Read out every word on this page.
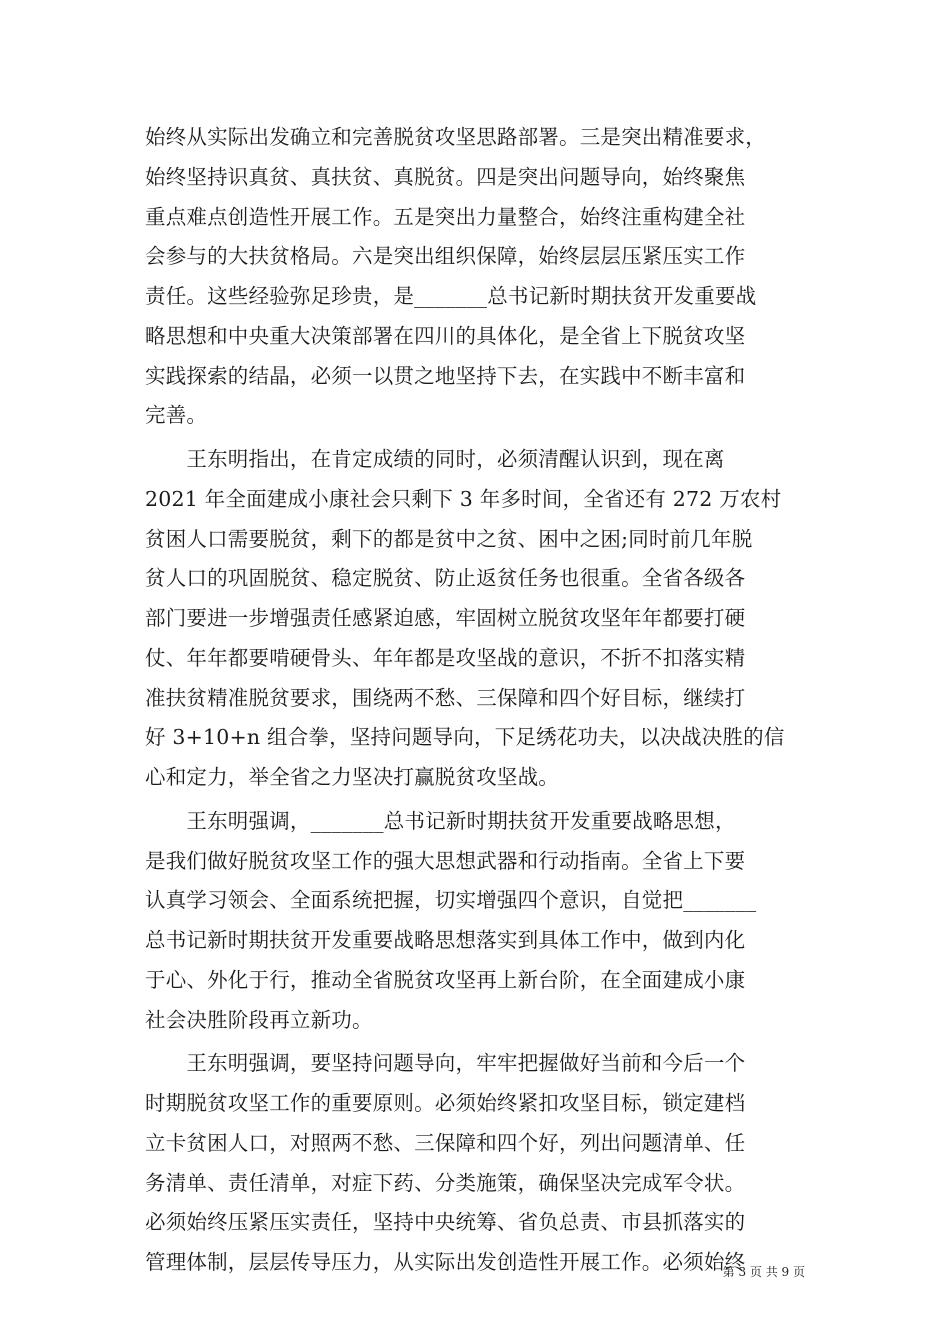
始终从实际出发确立和完善脱贫攻坚思路部署。三是突出精准要求，
始终坚持识真贫、真扶贫、真脱贫。四是突出问题导向，始终聚焦
重点难点创造性开展工作。五是突出力量整合，始终注重构建全社
会参与的大扶贫格局。六是突出组织保障，始终层层压紧压实工作
责任。这些经验弥足珍贵，是_______总书记新时期扶贫开发重要战
略思想和中央重大决策部署在四川的具体化，是全省上下脱贫攻坚
实践探索的结晶，必须一以贯之地坚持下去，在实践中不断丰富和
完善。
　　王东明指出，在肯定成绩的同时，必须清醒认识到，现在离
2021 年全面建成小康社会只剩下 3 年多时间，全省还有 272 万农村
贫困人口需要脱贫，剩下的都是贫中之贫、困中之困;同时前几年脱
贫人口的巩固脱贫、稳定脱贫、防止返贫任务也很重。全省各级各
部门要进一步增强责任感紧迫感，牢固树立脱贫攻坚年年都要打硬
仗、年年都要啃硬骨头、年年都是攻坚战的意识，不折不扣落实精
准扶贫精准脱贫要求，围绕两不愁、三保障和四个好目标，继续打
好 3+10+n 组合拳，坚持问题导向，下足绣花功夫，以决战决胜的信
心和定力，举全省之力坚决打赢脱贫攻坚战。
　　王东明强调，_______总书记新时期扶贫开发重要战略思想，
是我们做好脱贫攻坚工作的强大思想武器和行动指南。全省上下要
认真学习领会、全面系统把握，切实增强四个意识，自觉把_______
总书记新时期扶贫开发重要战略思想落实到具体工作中，做到内化
于心、外化于行，推动全省脱贫攻坚再上新台阶，在全面建成小康
社会决胜阶段再立新功。
　　王东明强调，要坚持问题导向，牢牢把握做好当前和今后一个
时期脱贫攻坚工作的重要原则。必须始终紧扣攻坚目标，锁定建档
立卡贫困人口，对照两不愁、三保障和四个好，列出问题清单、任
务清单、责任清单，对症下药、分类施策，确保坚决完成军令状。
必须始终压紧压实责任，坚持中央统筹、省负总责、市县抓落实的
管理体制，层层传导压力，从实际出发创造性开展工作。必须始终
第 3 页 共 9 页
